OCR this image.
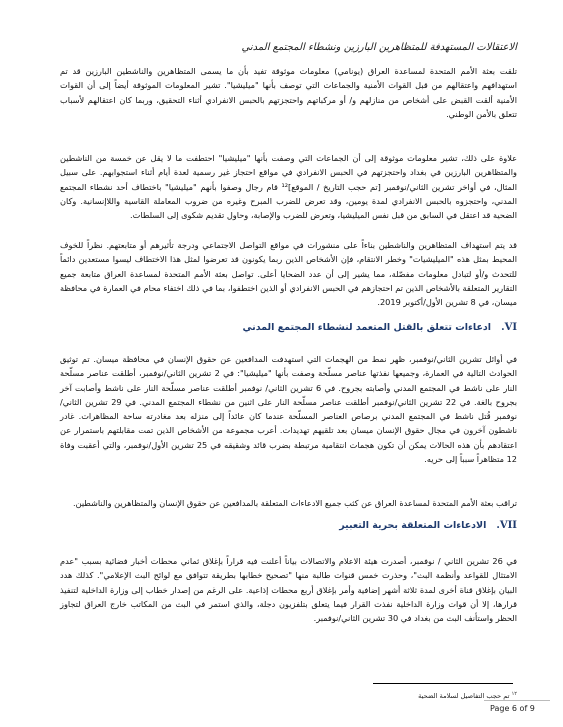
الاعتقالات المستهدفة للمتظاهرين البارزين ونشطاء المجتمع المدني

تلقت بعثة الأمم المتحدة لمساعدة العراق (يونامي) معلومات موثوقة تفيد بأن ما يسمى المتظاهرين والناشطين البارزين قد تم استهدافهم واعتقالهم من قبل القوات الأمنية والجماعات التي توصف بأنها "ميليشيا". تشير المعلومات الموثوقة أيضاً إلى أن القوات الأمنية ألقت القبض على أشخاص من منازلهم و/ أو مركباتهم واحتجزتهم بالحبس الانفرادي أثناء التحقيق، وربما كان اعتقالهم لأسباب تتعلق بالأمن الوطني.

علاوة على ذلك، تشير معلومات موثوقة إلى أن الجماعات التي وصفت بأنها "ميليشيا" احتطفت ما لا يقل عن خمسة من الناشطين والمتظاهرين البارزين في بغداد واحتجزتهم في الحبس الانفرادي في مواقع احتجاز غير رسمية لعدة أيام أثناء استجوابهم. على سبيل المثال، في أواخر تشرين الثاني/نوفمبر [تم حجب التاريخ / الموقع]¹² قام رجال وصفوا بأنهم "ميليشيا" باختطاف أحد نشطاء المجتمع المدني، واحتجزوه بالحبس الانفرادي لمدة يومين، وقد تعرض للضرب المبرح وغيره من ضروب المعاملة القاسية واللاإنسانية. وكان الضحية قد اعتقل في السابق من قبل نفس الميليشيا، وتعرض للضرب والإصابة، وحاول تقديم شكوى إلى السلطات.

قد يتم استهداف المتظاهرين والناشطين بناءاً على منشورات في مواقع التواصل الاجتماعي ودرجة تأثيرهم أو متابعتهم. نظراً للخوف المحيط بمثل هذه "الميليشيات" وخطر الانتقام، فإن الأشخاص الذين ربما يكونون قد تعرضوا لمثل هذا الاختطاف ليسوا مستعدين دائماً للتحدث و/أو لتبادل معلومات مفصّلة، مما يشير إلى أن عدد الضحايا أعلى. تواصل بعثة الأمم المتحدة لمساعدة العراق متابعة جميع التقارير المتعلقة بالأشخاص الذين تم احتجازهم في الحبس الانفرادي أو الذين اختطفوا، بما في ذلك اختفاء محام في العمارة في محافظة ميسان، في 8 تشرين الأول/أكتوبر 2019.

VI.
ادعاءات تتعلق بالقتل المتعمد لنشطاء المجتمع المدني

في أوائل تشرين الثاني/نوفمبر، ظهر نمط من الهجمات التي استهدفت المدافعين عن حقوق الإنسان في محافظة ميسان. تم توثيق الحوادث التالية في العمارة، وجميعها نفذتها عناصر مسلّحة وصفت بأنها "ميليشيا": في 2 تشرين الثاني/نوفمبر، أطلقت عناصر مسلّحة النار على ناشط في المجتمع المدني وأصابته بجروح. في 6 تشرين الثاني/ نوفمبر أطلقت عناصر مسلّحة النار على ناشط وأصابت آخر بجروح بالغة. في 22 تشرين الثاني/نوفمبر أطلقت عناصر مسلّحة النار على اثنين من نشطاء المجتمع المدني. في 29 تشرين الثاني/نوفمبر قُتل ناشط في المجتمع المدني برصاص العناصر المسلّحة عندما كان عائداً إلى منزله بعد مغادرته ساحة المظاهرات. غادر ناشطون آخرون في مجال حقوق الإنسان ميسان بعد تلقيهم تهديدات. أعرب مجموعة من الأشخاص الذين تمت مقابلتهم باستمرار عن اعتقادهم بأن هذه الحالات يمكن أن تكون هجمات انتقامية مرتبطة بضرب قائد وشقيقه في 25 تشرين الأول/نوفمبر، والتي أعقبت وفاة 12 متظاهراً سبباً إلى حريه.

تراقب بعثة الأمم المتحدة لمساعدة العراق عن كثب جميع الادعاءات المتعلقة بالمدافعين عن حقوق الإنسان والمتظاهرين والناشطين.

VII.
الادعاءات المتعلقة بحرية التعبير

في 26 تشرين الثاني / نوفمبر، أصدرت هيئة الاعلام والاتصالات بياناً أعلنت فيه قراراً بإغلاق ثماني محطات أخبار فضائية بسبب "عدم الامتثال للقواعد وأنظمة البث"، وحذرت خمس قنوات طالبة منها "تصحيح خطابها بطريقة تتوافق مع لوائح البث الإعلامي". كذلك هدد البيان بإغلاق قناة أخرى لمدة ثلاثة أشهر إضافية وأمر بإغلاق أربع محطات إذاعية. على الرغم من إصدار خطاب إلى وزارة الداخلية لتنفيذ قرارها، إلا أن قوات وزارة الداخلية نفذت القرار فيما يتعلق بتلفزيون دجلة، والذي استمر في البث من المكاتب خارج العراق لتجاوز الحظر واستأنف البث من بغداد في 30 تشرين الثاني/نوفمبر.

$^{١٢}$ تم حجب التفاصيل لسلامة الضحية
Page 6 of 9
